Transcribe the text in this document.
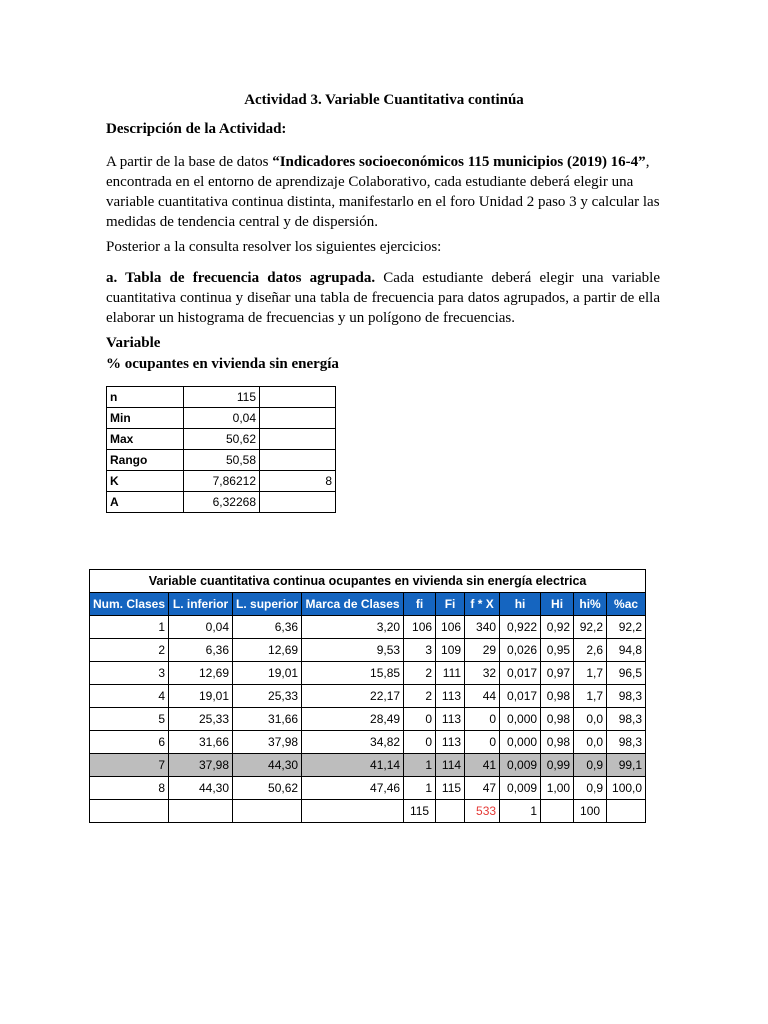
Actividad 3. Variable Cuantitativa continúa
Descripción de la Actividad:
A partir de la base de datos “Indicadores socioeconómicos 115 municipios (2019) 16-4”, encontrada en el entorno de aprendizaje Colaborativo, cada estudiante deberá elegir una variable cuantitativa continua distinta, manifestarlo en el foro Unidad 2 paso 3 y calcular las medidas de tendencia central y de dispersión.
Posterior a la consulta resolver los siguientes ejercicios:
a. Tabla de frecuencia datos agrupada. Cada estudiante deberá elegir una variable cuantitativa continua y diseñar una tabla de frecuencia para datos agrupados, a partir de ella elaborar un histograma de frecuencias y un polígono de frecuencias.
Variable
% ocupantes en vivienda sin energía
n	115	
Min	0,04	
Max	50,62	
Rango	50,58	
K	7,86212	8
A	6,32268	
Variable cuantitativa continua ocupantes en vivienda sin energía electrica										
Num. Clases	L. inferior	L. superior	Marca de Clases	fi	Fi	f * X	hi	Hi	hi%	%ac
1	0,04	6,36	3,20	106	106	340	0,922	0,92	92,2	92,2
2	6,36	12,69	9,53	3	109	29	0,026	0,95	2,6	94,8
3	12,69	19,01	15,85	2	111	32	0,017	0,97	1,7	96,5
4	19,01	25,33	22,17	2	113	44	0,017	0,98	1,7	98,3
5	25,33	31,66	28,49	0	113	0	0,000	0,98	0,0	98,3
6	31,66	37,98	34,82	0	113	0	0,000	0,98	0,0	98,3
7	37,98	44,30	41,14	1	114	41	0,009	0,99	0,9	99,1
8	44,30	50,62	47,46	1	115	47	0,009	1,00	0,9	100,0
				115		533	1		100	
